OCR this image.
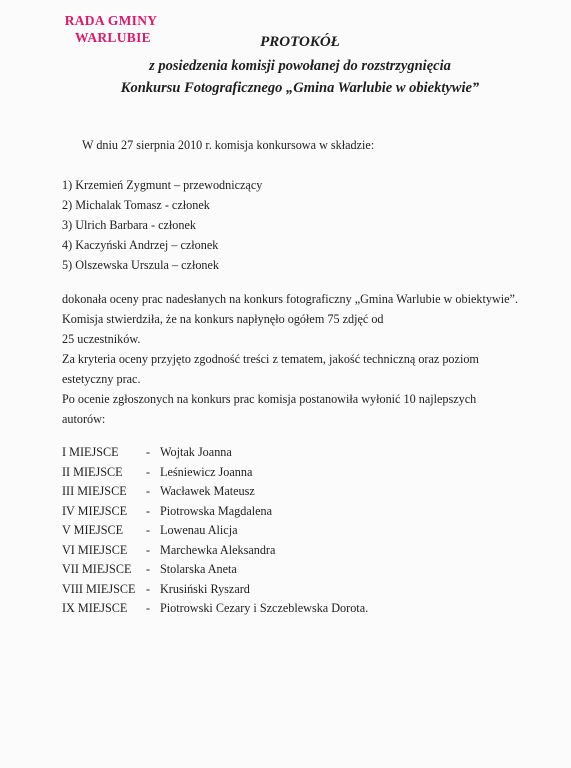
RADA GMINY
WARLUBIE	PROTOKÓŁ
z posiedzenia komisji powołanej do rozstrzygnięcia
Konkursu Fotograficznego „Gmina Warlubie w obiektywie”
W dniu 27 sierpnia 2010 r. komisja konkursowa w składzie:
1) Krzemień Zygmunt – przewodniczący
2) Michalak Tomasz - członek
3) Ulrich Barbara - członek
4) Kaczyński Andrzej – członek
5) Olszewska Urszula – członek
dokonała oceny prac nadesłanych na konkurs fotograficzny „Gmina Warlubie w obiektywie”.
Komisja stwierdziła, że na konkurs napłynęło ogółem 75 zdjęć od
25 uczestników.
Za kryteria oceny przyjęto zgodność treści z tematem, jakość techniczną oraz poziom
estetyczny prac.
Po ocenie zgłoszonych na konkurs prac komisja postanowiła wyłonić 10 najlepszych
autorów:
I MIEJSCE - Wojtak Joanna
II MIEJSCE - Leśniewicz Joanna
III MIEJSCE - Wacławek Mateusz
IV MIEJSCE - Piotrowska Magdalena
V MIEJSCE - Lowenau Alicja
VI MIEJSCE - Marchewka Aleksandra
VII MIEJSCE - Stolarska Aneta
VIII MIEJSCE - Krusiński Ryszard
IX MIEJSCE - Piotrowski Cezary i Szczeblewska Dorota.
